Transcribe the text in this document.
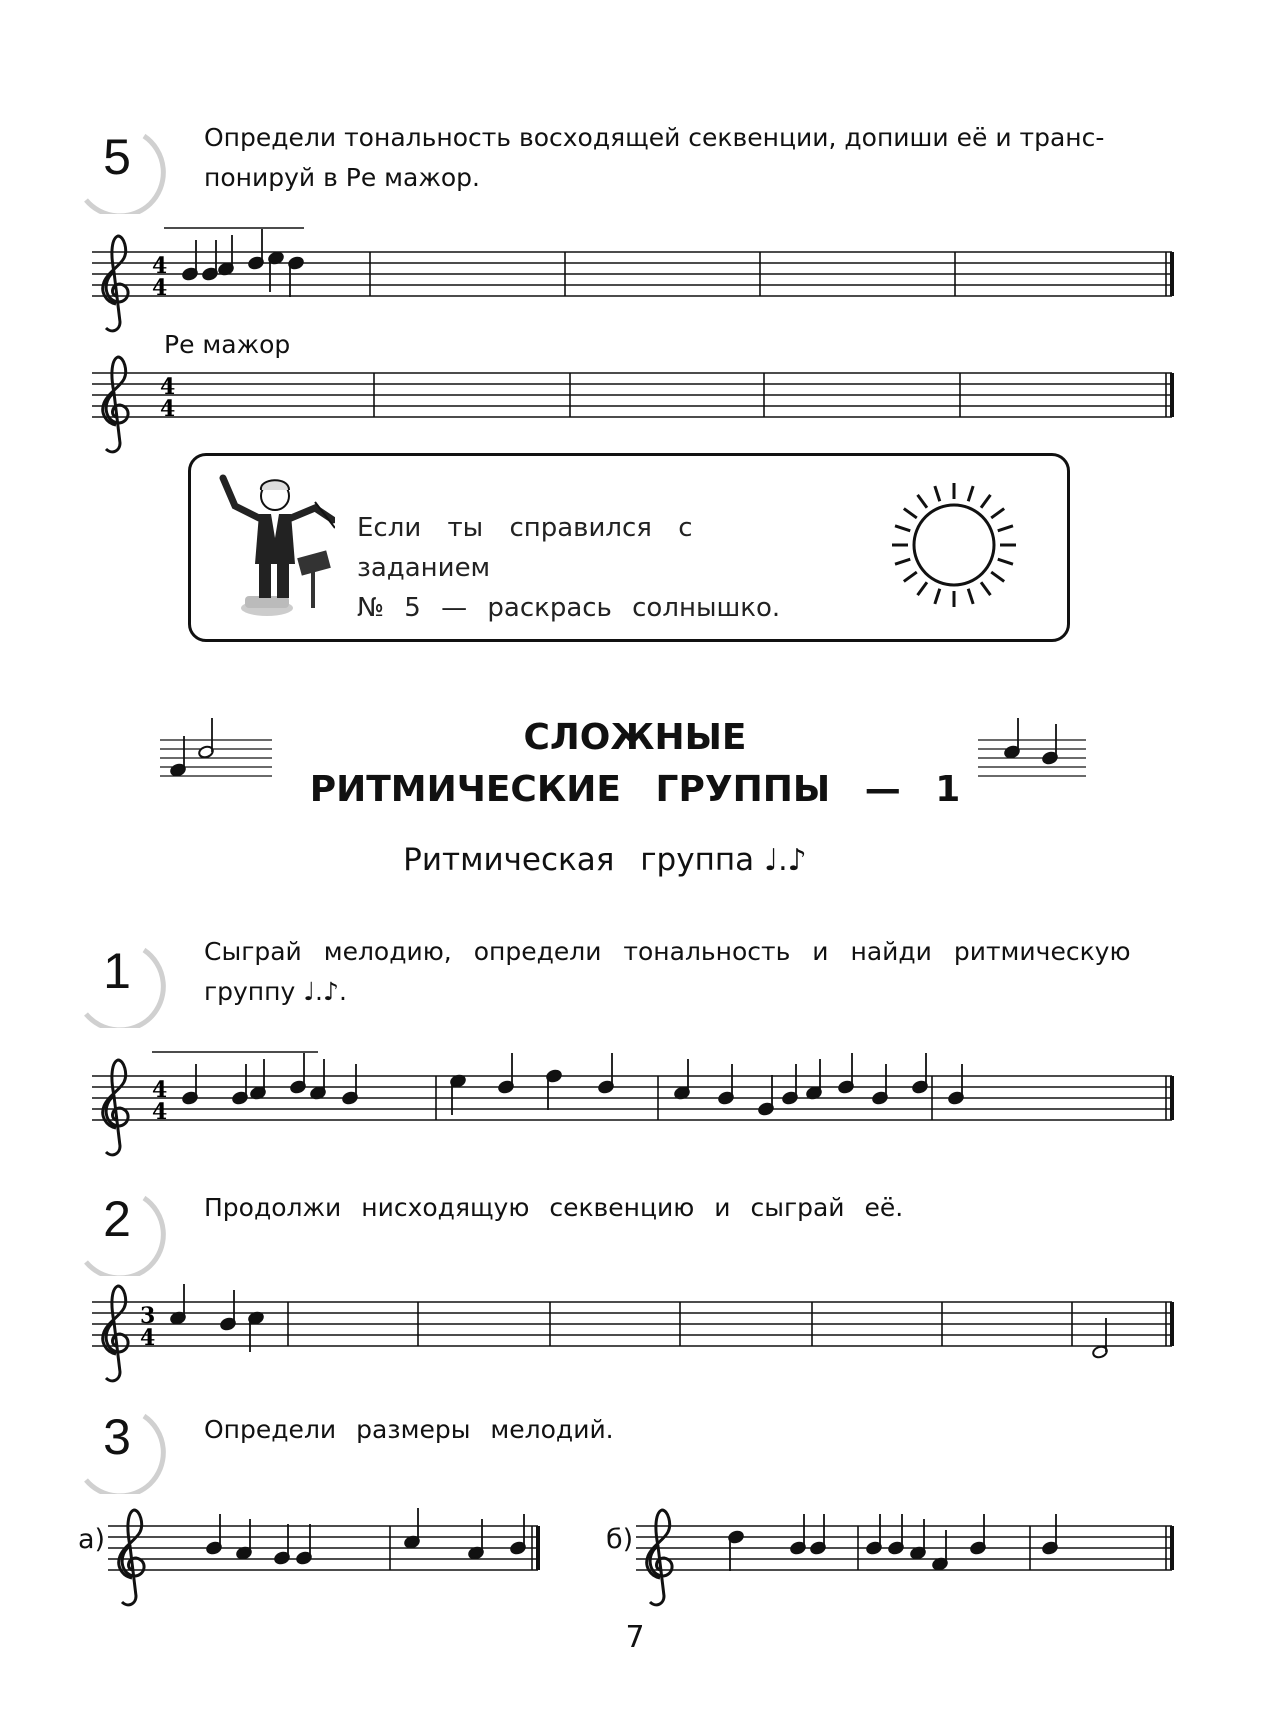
5	Определи тональность восходящей секвенции, допиши её и транс-
понируй в Ре мажор.
4
4
4
4
4
4
3
4
Ре мажор
Если ты справился с заданием
№ 5 — раскрась солнышко.
СЛОЖНЫЕ
РИТМИЧЕСКИЕ ГРУППЫ — 1
Ритмическая группа ♩.♪
1	Сыграй мелодию, определи тональность и найди ритмическую
группу ♩.♪.
2	Продолжи нисходящую секвенцию и сыграй её.
3	Определи размеры мелодий.
а)	б)
7
